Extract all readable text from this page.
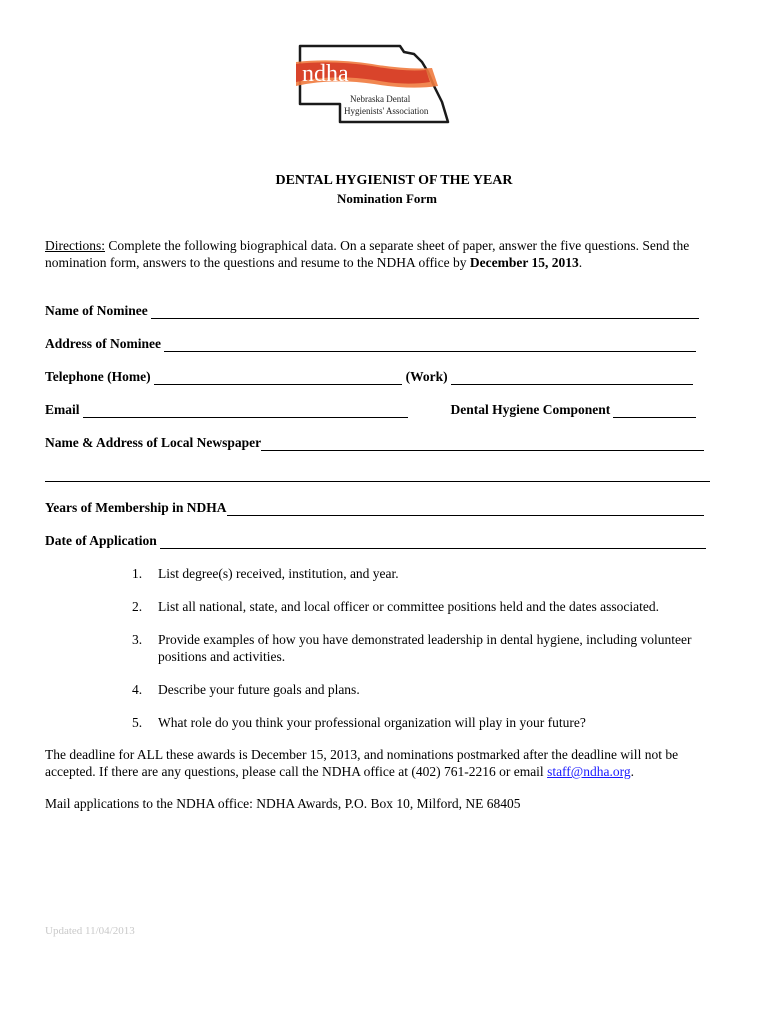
ndha
Nebraska Dental
Hygienists' Association
DENTAL HYGIENIST OF THE YEAR
Nomination Form
Directions: Complete the following biographical data. On a separate sheet of paper, answer the five questions. Send the nomination form, answers to the questions and resume to the NDHA office by December 15, 2013.
Name of Nominee
Address of Nominee
Telephone (Home)	(Work)
Email	Dental Hygiene Component
Name & Address of Local Newspaper
Years of Membership in NDHA
Date of Application
1.	List degree(s) received, institution, and year.
2.	List all national, state, and local officer or committee positions held and the dates associated.
3.	Provide examples of how you have demonstrated leadership in dental hygiene, including volunteer positions and activities.
4.	Describe your future goals and plans.
5.	What role do you think your professional organization will play in your future?
The deadline for ALL these awards is December 15, 2013, and nominations postmarked after the deadline will not be accepted. If there are any questions, please call the NDHA office at (402) 761-2216 or email staff@ndha.org.
Mail applications to the NDHA office: NDHA Awards, P.O. Box 10, Milford, NE 68405
Updated 11/04/2013
